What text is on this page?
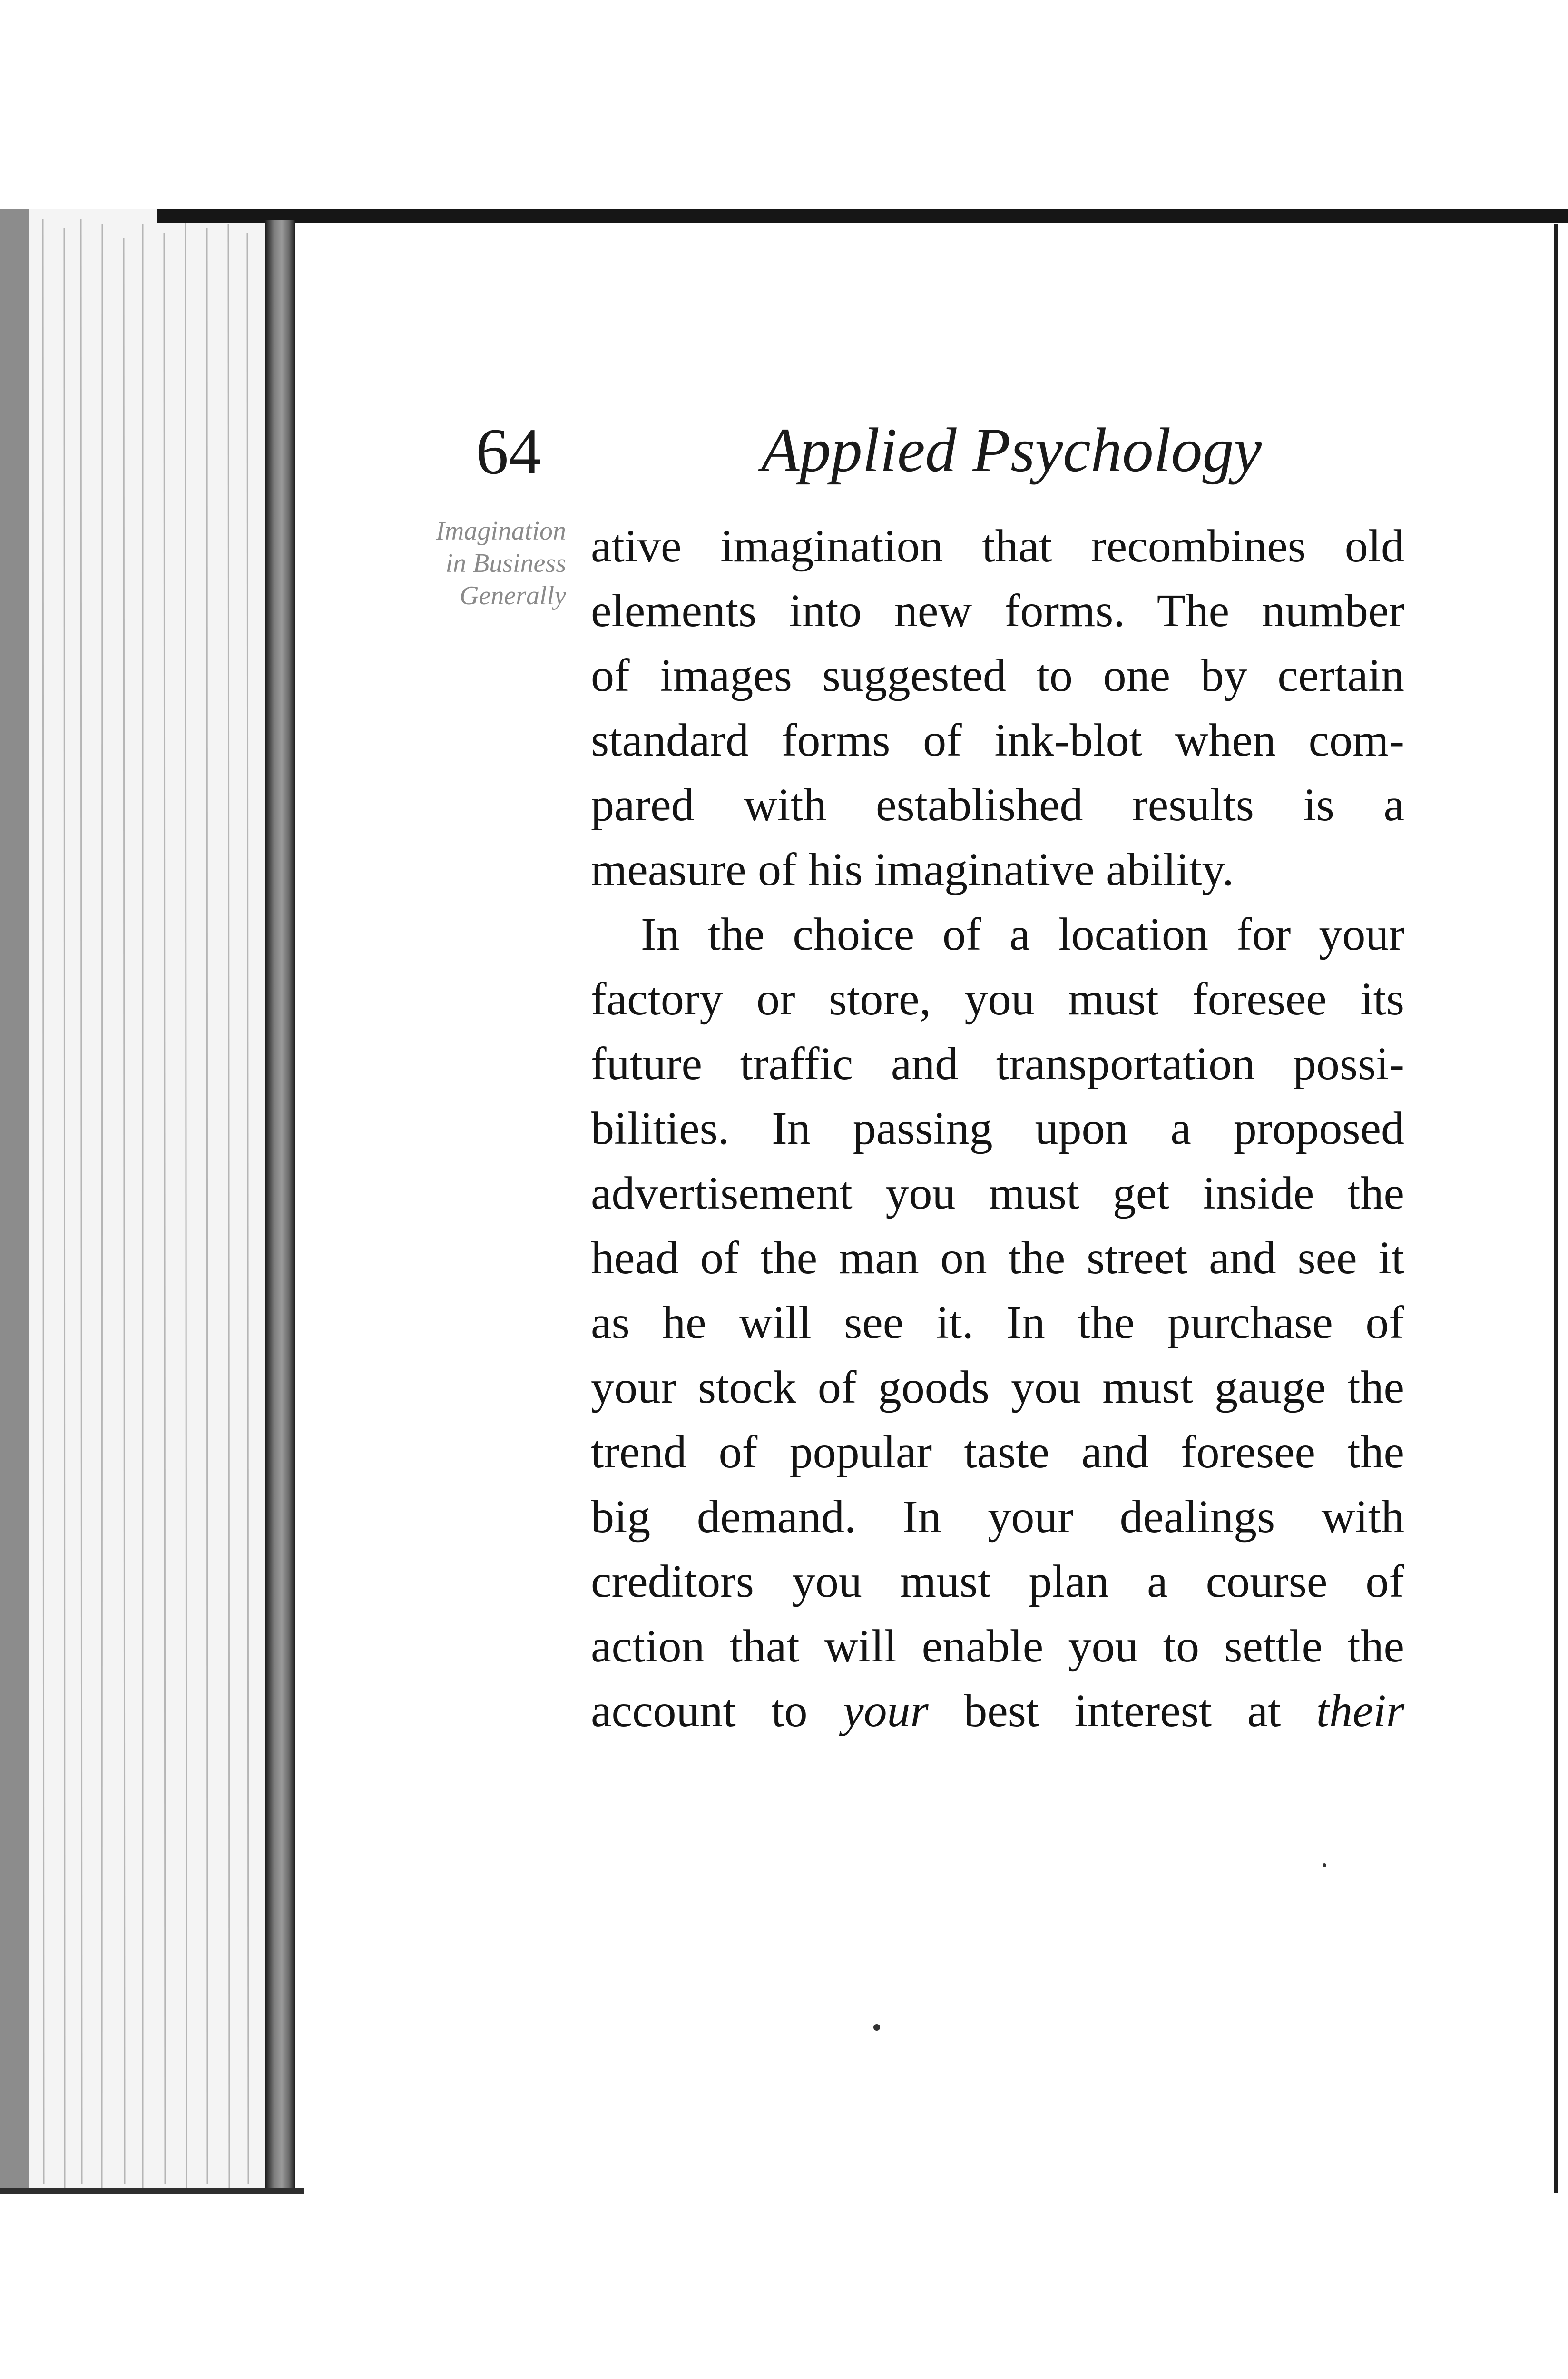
64	Applied Psychology
Imagination
in Business
Generally
ative imagination that recombines old
elements into new forms. The number
of images suggested to one by certain
standard forms of ink-blot when com-
pared with established results is a
measure of his imaginative ability.
In the choice of a location for your
factory or store, you must foresee its
future traffic and transportation possi-
bilities. In passing upon a proposed
advertisement you must get inside the
head of the man on the street and see it
as he will see it. In the purchase of
your stock of goods you must gauge the
trend of popular taste and foresee the
big demand. In your dealings with
creditors you must plan a course of
action that will enable you to settle the
account to your best interest at their
